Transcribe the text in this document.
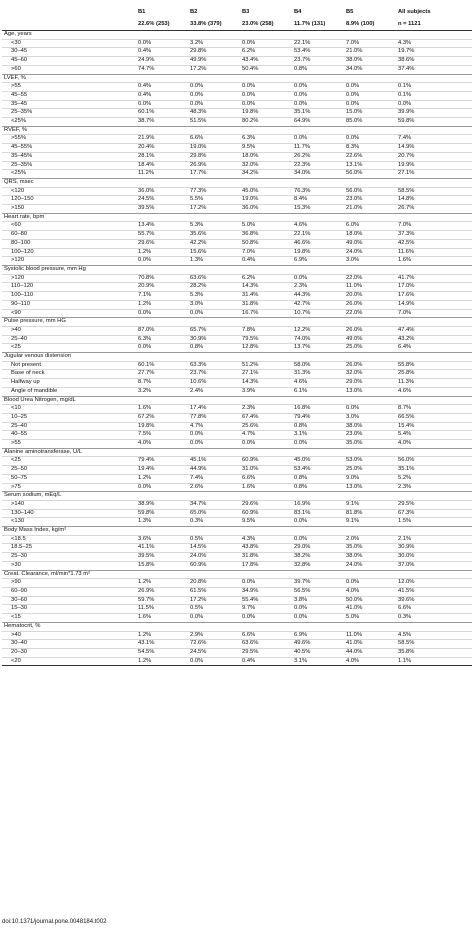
	B1	B2	B3	B4	B5	All subjects
	22.6% (253)	33.8% (379)	23.0% (258)	11.7% (131)	8.9% (100)	n = 1121
Age, years						
<30	0.0%	3.2%	0.0%	22.1%	7.0%	4.3%
30–45	0.4%	29.8%	6.2%	53.4%	21.0%	19.7%
45–60	24.9%	49.9%	43.4%	23.7%	38.0%	38.6%
>60	74.7%	17.2%	50.4%	0.8%	34.0%	37.4%
LVEF, %						
>55	0.4%	0.0%	0.0%	0.0%	0.0%	0.1%
45–55	0.4%	0.0%	0.0%	0.0%	0.0%	0.1%
35–45	0.0%	0.0%	0.0%	0.0%	0.0%	0.0%
25–35%	60.1%	48.3%	19.8%	35.1%	15.0%	39.9%
<25%	38.7%	51.5%	80.2%	64.9%	85.0%	59.8%
RVEF, %						
>55%	21.9%	6.6%	6.3%	0.0%	0.0%	7.4%
45–55%	20.4%	19.0%	9.5%	11.7%	8.3%	14.9%
35–45%	28.1%	29.8%	18.0%	26.2%	22.6%	20.7%
25–35%	18.4%	26.9%	32.0%	22.3%	13.1%	19.9%
<25%	11.2%	17.7%	34.2%	34.0%	56.0%	27.1%
QRS, msec						
<120	36.0%	77.3%	45.0%	76.3%	56.0%	58.5%
120–150	24.5%	5.5%	19.0%	8.4%	23.0%	14.8%
>150	39.5%	17.2%	36.0%	15.3%	21.0%	26.7%
Heart rate, bpm						
<60	13.4%	5.3%	5.0%	4.6%	6.0%	7.0%
60–80	55.7%	35.6%	36.8%	22.1%	18.0%	37.3%
80–100	29.6%	42.2%	50.8%	46.6%	49.0%	42.5%
100–120	1.2%	15.6%	7.0%	19.8%	24.0%	11.6%
>120	0.0%	1.3%	0.4%	6.9%	3.0%	1.6%
Systolic blood pressure, mm Hg						
>120	70.8%	63.6%	6.2%	0.0%	22.0%	41.7%
110–120	20.9%	28.2%	14.3%	2.3%	11.0%	17.0%
100–110	7.1%	5.3%	31.4%	44.3%	20.0%	17.6%
90–110	1.2%	3.0%	31.8%	42.7%	26.0%	14.9%
<90	0.0%	0.0%	16.7%	10.7%	22.0%	7.0%
Pulse pressure, mm HG						
>40	87.0%	65.7%	7.8%	12.2%	26.0%	47.4%
25–40	6.3%	30.9%	79.5%	74.0%	49.0%	43.2%
<25	0.0%	0.8%	12.8%	13.7%	25.0%	6.4%
Jugular venous distension						
Not present	60.1%	63.3%	51.2%	58.0%	26.0%	55.8%
Base of neck	27.7%	23.7%	27.1%	31.3%	32.0%	25.8%
Halfway up	8.7%	10.6%	14.3%	4.6%	29.0%	11.3%
Angle of mandible	3.2%	2.4%	3.9%	6.1%	13.0%	4.6%
Blood Urea Nitrogen, mg/dL						
<10	1.6%	17.4%	2.3%	16.8%	0.0%	8.7%
10–25	67.2%	77.8%	67.4%	79.4%	3.0%	66.5%
25–40	19.8%	4.7%	25.6%	0.8%	38.0%	15.4%
40–55	7.5%	0.0%	4.7%	3.1%	23.0%	5.4%
>55	4.0%	0.0%	0.0%	0.0%	35.0%	4.0%
Alanine aminotransferase, U/L						
<25	79.4%	45.1%	60.9%	45.0%	53.0%	56.0%
25–50	19.4%	44.9%	31.0%	53.4%	25.0%	35.1%
50–75	1.2%	7.4%	6.6%	0.8%	9.0%	5.2%
>75	0.0%	2.6%	1.6%	0.8%	13.0%	2.3%
Serum sodium, mEq/L						
>140	38.9%	34.7%	29.6%	16.9%	9.1%	29.5%
130–140	59.8%	65.0%	60.9%	83.1%	81.8%	67.3%
<130	1.3%	0.3%	9.5%	0.0%	9.1%	1.5%
Body Mass Index, kg/m²						
<18.5	3.6%	0.5%	4.3%	0.0%	2.0%	2.1%
18.5–25	41.1%	14.5%	43.8%	29.0%	35.0%	30.9%
25–30	39.5%	24.0%	31.8%	38.2%	38.0%	30.0%
>30	15.8%	60.9%	17.8%	32.8%	24.0%	37.0%
Creat. Clearance, ml/min*1.73 m²						
>90	1.2%	20.8%	0.0%	39.7%	0.0%	12.0%
60–90	26.9%	61.5%	34.9%	56.5%	4.0%	41.5%
30–60	59.7%	17.2%	55.4%	3.8%	50.0%	39.6%
15–30	11.5%	0.5%	9.7%	0.0%	41.0%	6.6%
<15	1.6%	0.0%	0.0%	0.0%	5.0%	0.3%
Hematocrit, %						
>40	1.2%	2.9%	6.6%	6.9%	11.0%	4.5%
30–40	43.1%	72.6%	63.6%	49.6%	41.0%	58.5%
20–30	54.5%	24.5%	29.5%	40.5%	44.0%	35.8%
<20	1.2%	0.0%	0.4%	3.1%	4.0%	1.1%
doi:10.1371/journal.pone.0048184.t002
